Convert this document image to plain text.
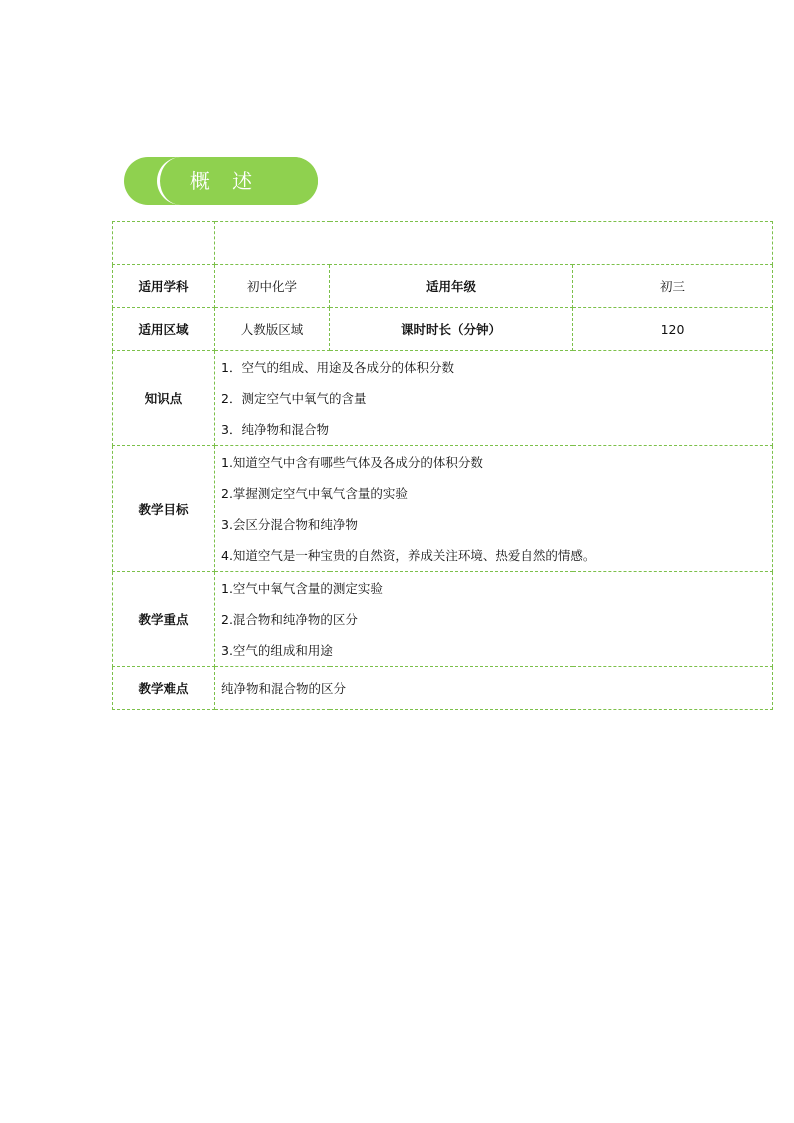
概 述

适用学科	初中化学	适用年级	初三
适用区域	人教版区域	课时时长（分钟）	120
知识点	1．空气的组成、用途及各成分的体积分数
2．测定空气中氧气的含量
3．纯净物和混合物		

教学目标	1.知道空气中含有哪些气体及各成分的体积分数
2.掌握测定空气中氧气含量的实验
3.会区分混合物和纯净物
4.知道空气是一种宝贵的自然资，养成关注环境、热爱自然的情感。		

教学重点	1.空气中氧气含量的测定实验
2.混合物和纯净物的区分
3.空气的组成和用途		

教学难点	纯净物和混合物的区分		
